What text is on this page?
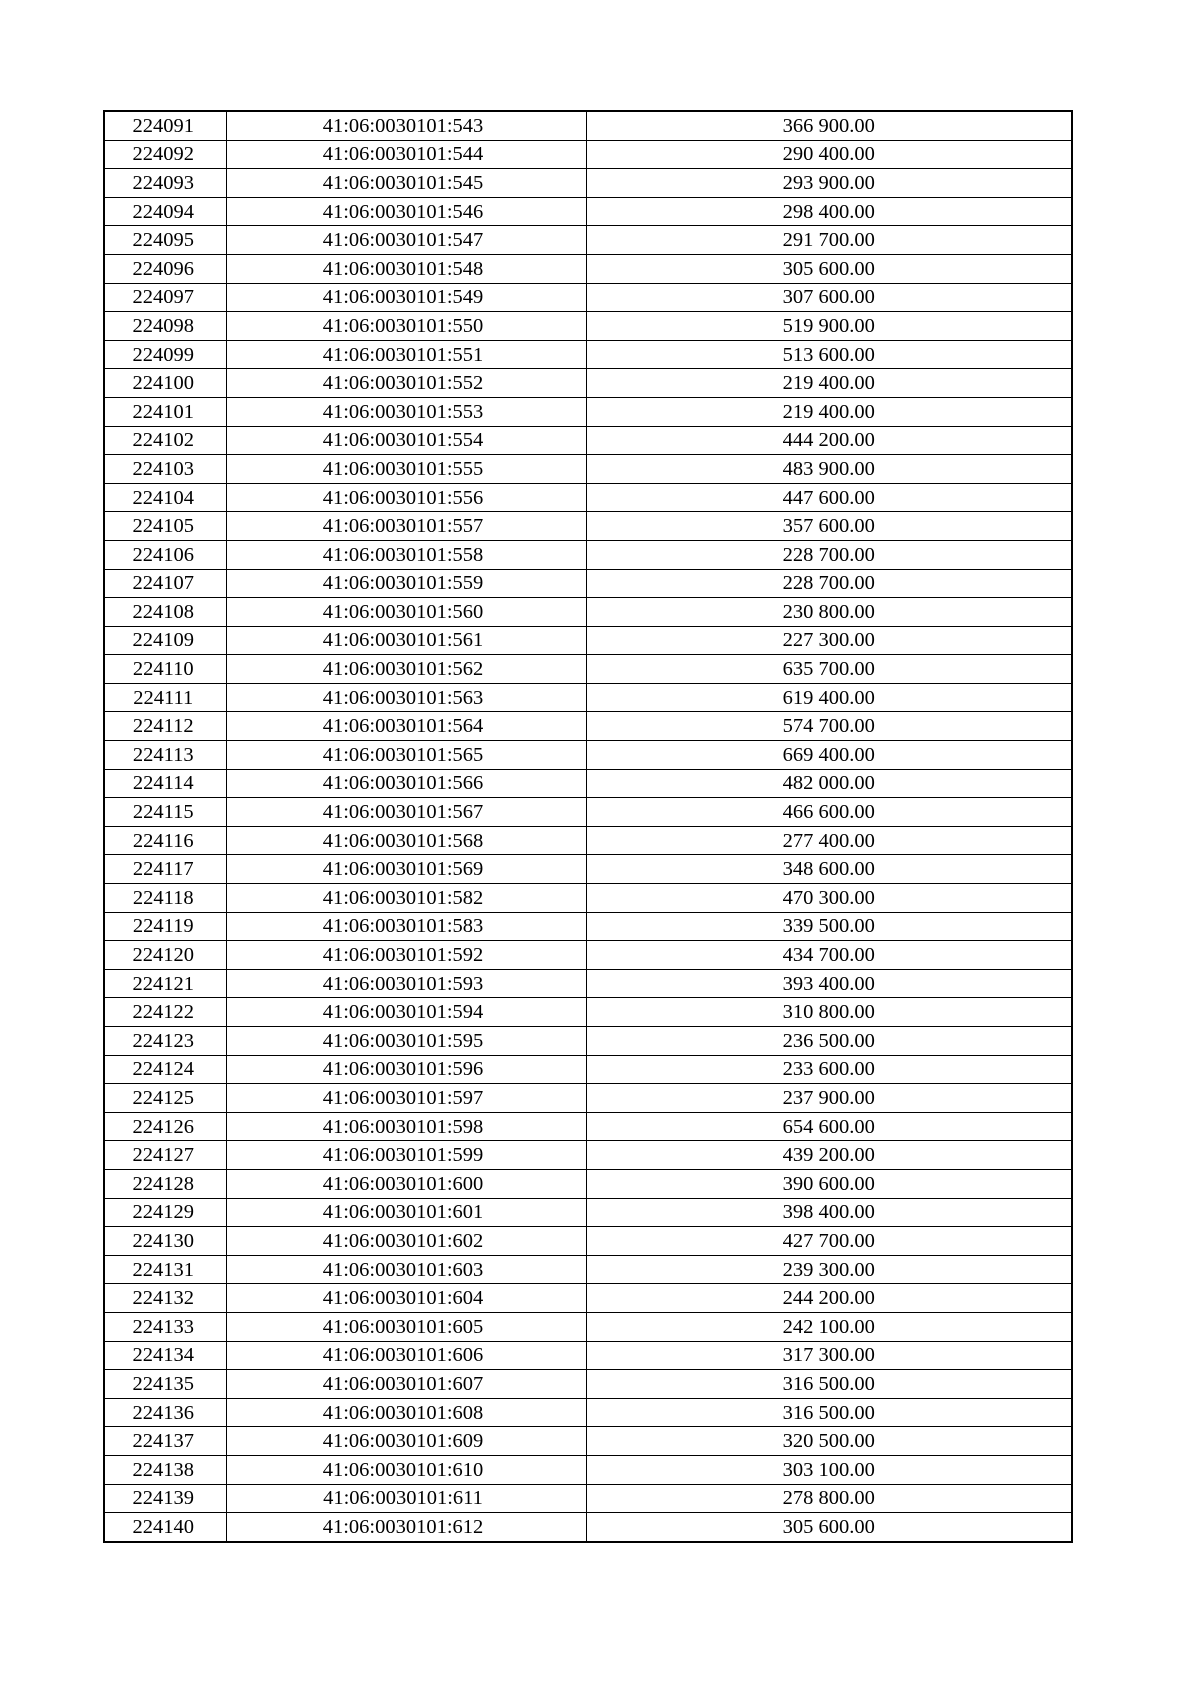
224091	41:06:0030101:543	366 900.00
224092	41:06:0030101:544	290 400.00
224093	41:06:0030101:545	293 900.00
224094	41:06:0030101:546	298 400.00
224095	41:06:0030101:547	291 700.00
224096	41:06:0030101:548	305 600.00
224097	41:06:0030101:549	307 600.00
224098	41:06:0030101:550	519 900.00
224099	41:06:0030101:551	513 600.00
224100	41:06:0030101:552	219 400.00
224101	41:06:0030101:553	219 400.00
224102	41:06:0030101:554	444 200.00
224103	41:06:0030101:555	483 900.00
224104	41:06:0030101:556	447 600.00
224105	41:06:0030101:557	357 600.00
224106	41:06:0030101:558	228 700.00
224107	41:06:0030101:559	228 700.00
224108	41:06:0030101:560	230 800.00
224109	41:06:0030101:561	227 300.00
224110	41:06:0030101:562	635 700.00
224111	41:06:0030101:563	619 400.00
224112	41:06:0030101:564	574 700.00
224113	41:06:0030101:565	669 400.00
224114	41:06:0030101:566	482 000.00
224115	41:06:0030101:567	466 600.00
224116	41:06:0030101:568	277 400.00
224117	41:06:0030101:569	348 600.00
224118	41:06:0030101:582	470 300.00
224119	41:06:0030101:583	339 500.00
224120	41:06:0030101:592	434 700.00
224121	41:06:0030101:593	393 400.00
224122	41:06:0030101:594	310 800.00
224123	41:06:0030101:595	236 500.00
224124	41:06:0030101:596	233 600.00
224125	41:06:0030101:597	237 900.00
224126	41:06:0030101:598	654 600.00
224127	41:06:0030101:599	439 200.00
224128	41:06:0030101:600	390 600.00
224129	41:06:0030101:601	398 400.00
224130	41:06:0030101:602	427 700.00
224131	41:06:0030101:603	239 300.00
224132	41:06:0030101:604	244 200.00
224133	41:06:0030101:605	242 100.00
224134	41:06:0030101:606	317 300.00
224135	41:06:0030101:607	316 500.00
224136	41:06:0030101:608	316 500.00
224137	41:06:0030101:609	320 500.00
224138	41:06:0030101:610	303 100.00
224139	41:06:0030101:611	278 800.00
224140	41:06:0030101:612	305 600.00
